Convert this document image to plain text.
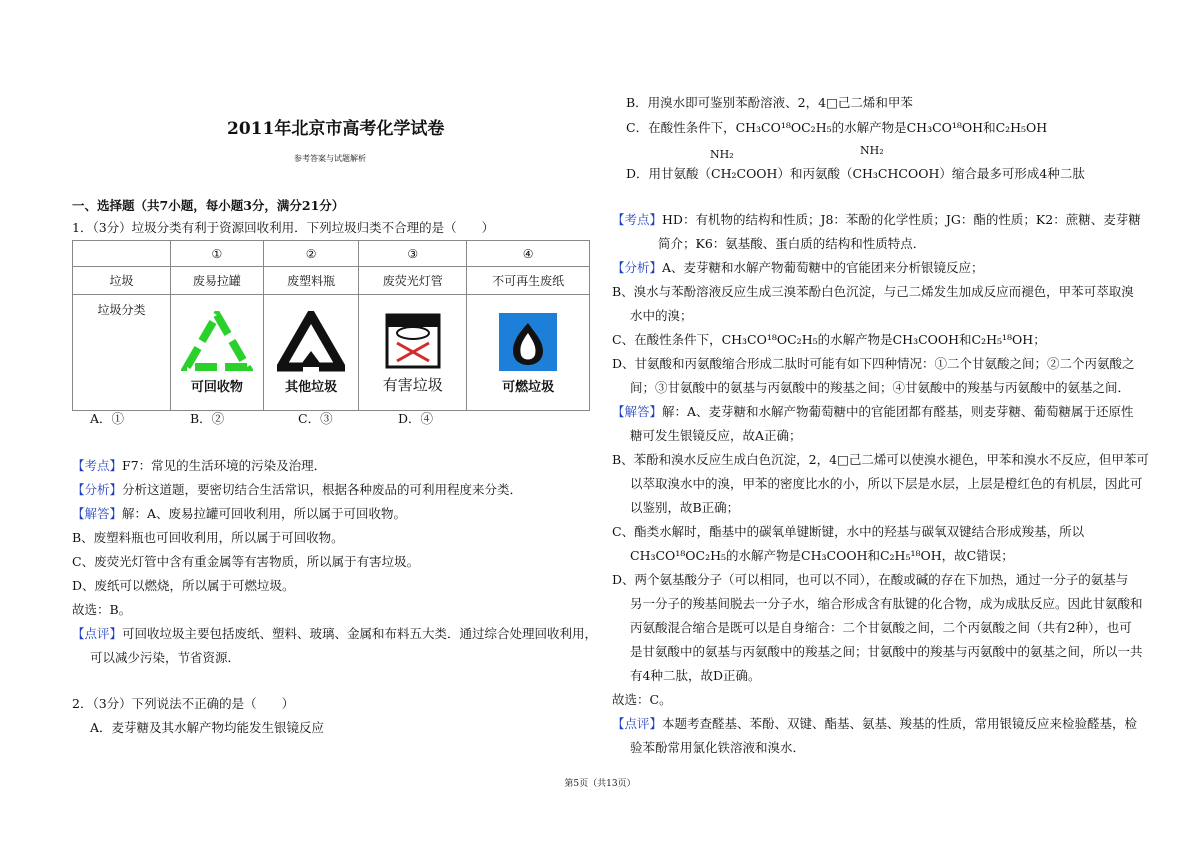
2011年北京市高考化学试卷
参考答案与试题解析
一、选择题（共7小题，每小题3分，满分21分）
1．（3分）垃圾分类有利于资源回收利用．下列垃圾归类不合理的是（　　）
	①	②	③	④
垃圾	废易拉罐	废塑料瓶	废荧光灯管	不可再生废纸
垃圾分类	可回收物	其他垃圾	有害垃圾	可燃垃圾
A．①	B．②	C．③	D．④
【考点】F7：常见的生活环境的污染及治理．
【分析】分析这道题，要密切结合生活常识，根据各种废品的可利用程度来分类．
【解答】解：A、废易拉罐可回收利用，所以属于可回收物。
B、废塑料瓶也可回收利用，所以属于可回收物。
C、废荧光灯管中含有重金属等有害物质，所以属于有害垃圾。
D、废纸可以燃烧，所以属于可燃垃圾。
故选：B。
【点评】可回收垃圾主要包括废纸、塑料、玻璃、金属和布料五大类．通过综合处理回收利用，
可以减少污染，节省资源．
2．（3分）下列说法不正确的是（　　）
A．麦芽糖及其水解产物均能发生银镜反应
B．用溴水即可鉴别苯酚溶液、2，4□己二烯和甲苯
C．在酸性条件下，CH₃CO¹⁸OC₂H₅的水解产物是CH₃CO¹⁸OH和C₂H₅OH
NH₂	NH₂
D．用甘氨酸（CH₂COOH）和丙氨酸（CH₃CHCOOH）缩合最多可形成4种二肽
【考点】HD：有机物的结构和性质；J8：苯酚的化学性质；JG：酯的性质；K2：蔗糖、麦芽糖
简介；K6：氨基酸、蛋白质的结构和性质特点．
【分析】A、麦芽糖和水解产物葡萄糖中的官能团来分析银镜反应；
B、溴水与苯酚溶液反应生成三溴苯酚白色沉淀，与己二烯发生加成反应而褪色，甲苯可萃取溴
水中的溴；
C、在酸性条件下，CH₃CO¹⁸OC₂H₅的水解产物是CH₃COOH和C₂H₅¹⁸OH；
D、甘氨酸和丙氨酸缩合形成二肽时可能有如下四种情况：①二个甘氨酸之间；②二个丙氨酸之
间；③甘氨酸中的氨基与丙氨酸中的羧基之间；④甘氨酸中的羧基与丙氨酸中的氨基之间．
【解答】解：A、麦芽糖和水解产物葡萄糖中的官能团都有醛基，则麦芽糖、葡萄糖属于还原性
糖可发生银镜反应，故A正确；
B、苯酚和溴水反应生成白色沉淀，2，4□己二烯可以使溴水褪色，甲苯和溴水不反应，但甲苯可
以萃取溴水中的溴，甲苯的密度比水的小，所以下层是水层，上层是橙红色的有机层，因此可
以鉴别，故B正确；
C、酯类水解时，酯基中的碳氧单键断键，水中的羟基与碳氧双键结合形成羧基，所以
CH₃CO¹⁸OC₂H₅的水解产物是CH₃COOH和C₂H₅¹⁸OH，故C错误；
D、两个氨基酸分子（可以相同，也可以不同），在酸或碱的存在下加热，通过一分子的氨基与
另一分子的羧基间脱去一分子水，缩合形成含有肽键的化合物，成为成肽反应。因此甘氨酸和
丙氨酸混合缩合是既可以是自身缩合：二个甘氨酸之间，二个丙氨酸之间（共有2种），也可
是甘氨酸中的氨基与丙氨酸中的羧基之间；甘氨酸中的羧基与丙氨酸中的氨基之间，所以一共
有4种二肽，故D正确。
故选：C。
【点评】本题考查醛基、苯酚、双键、酯基、氨基、羧基的性质，常用银镜反应来检验醛基，检
验苯酚常用氯化铁溶液和溴水．
第5页（共13页）
